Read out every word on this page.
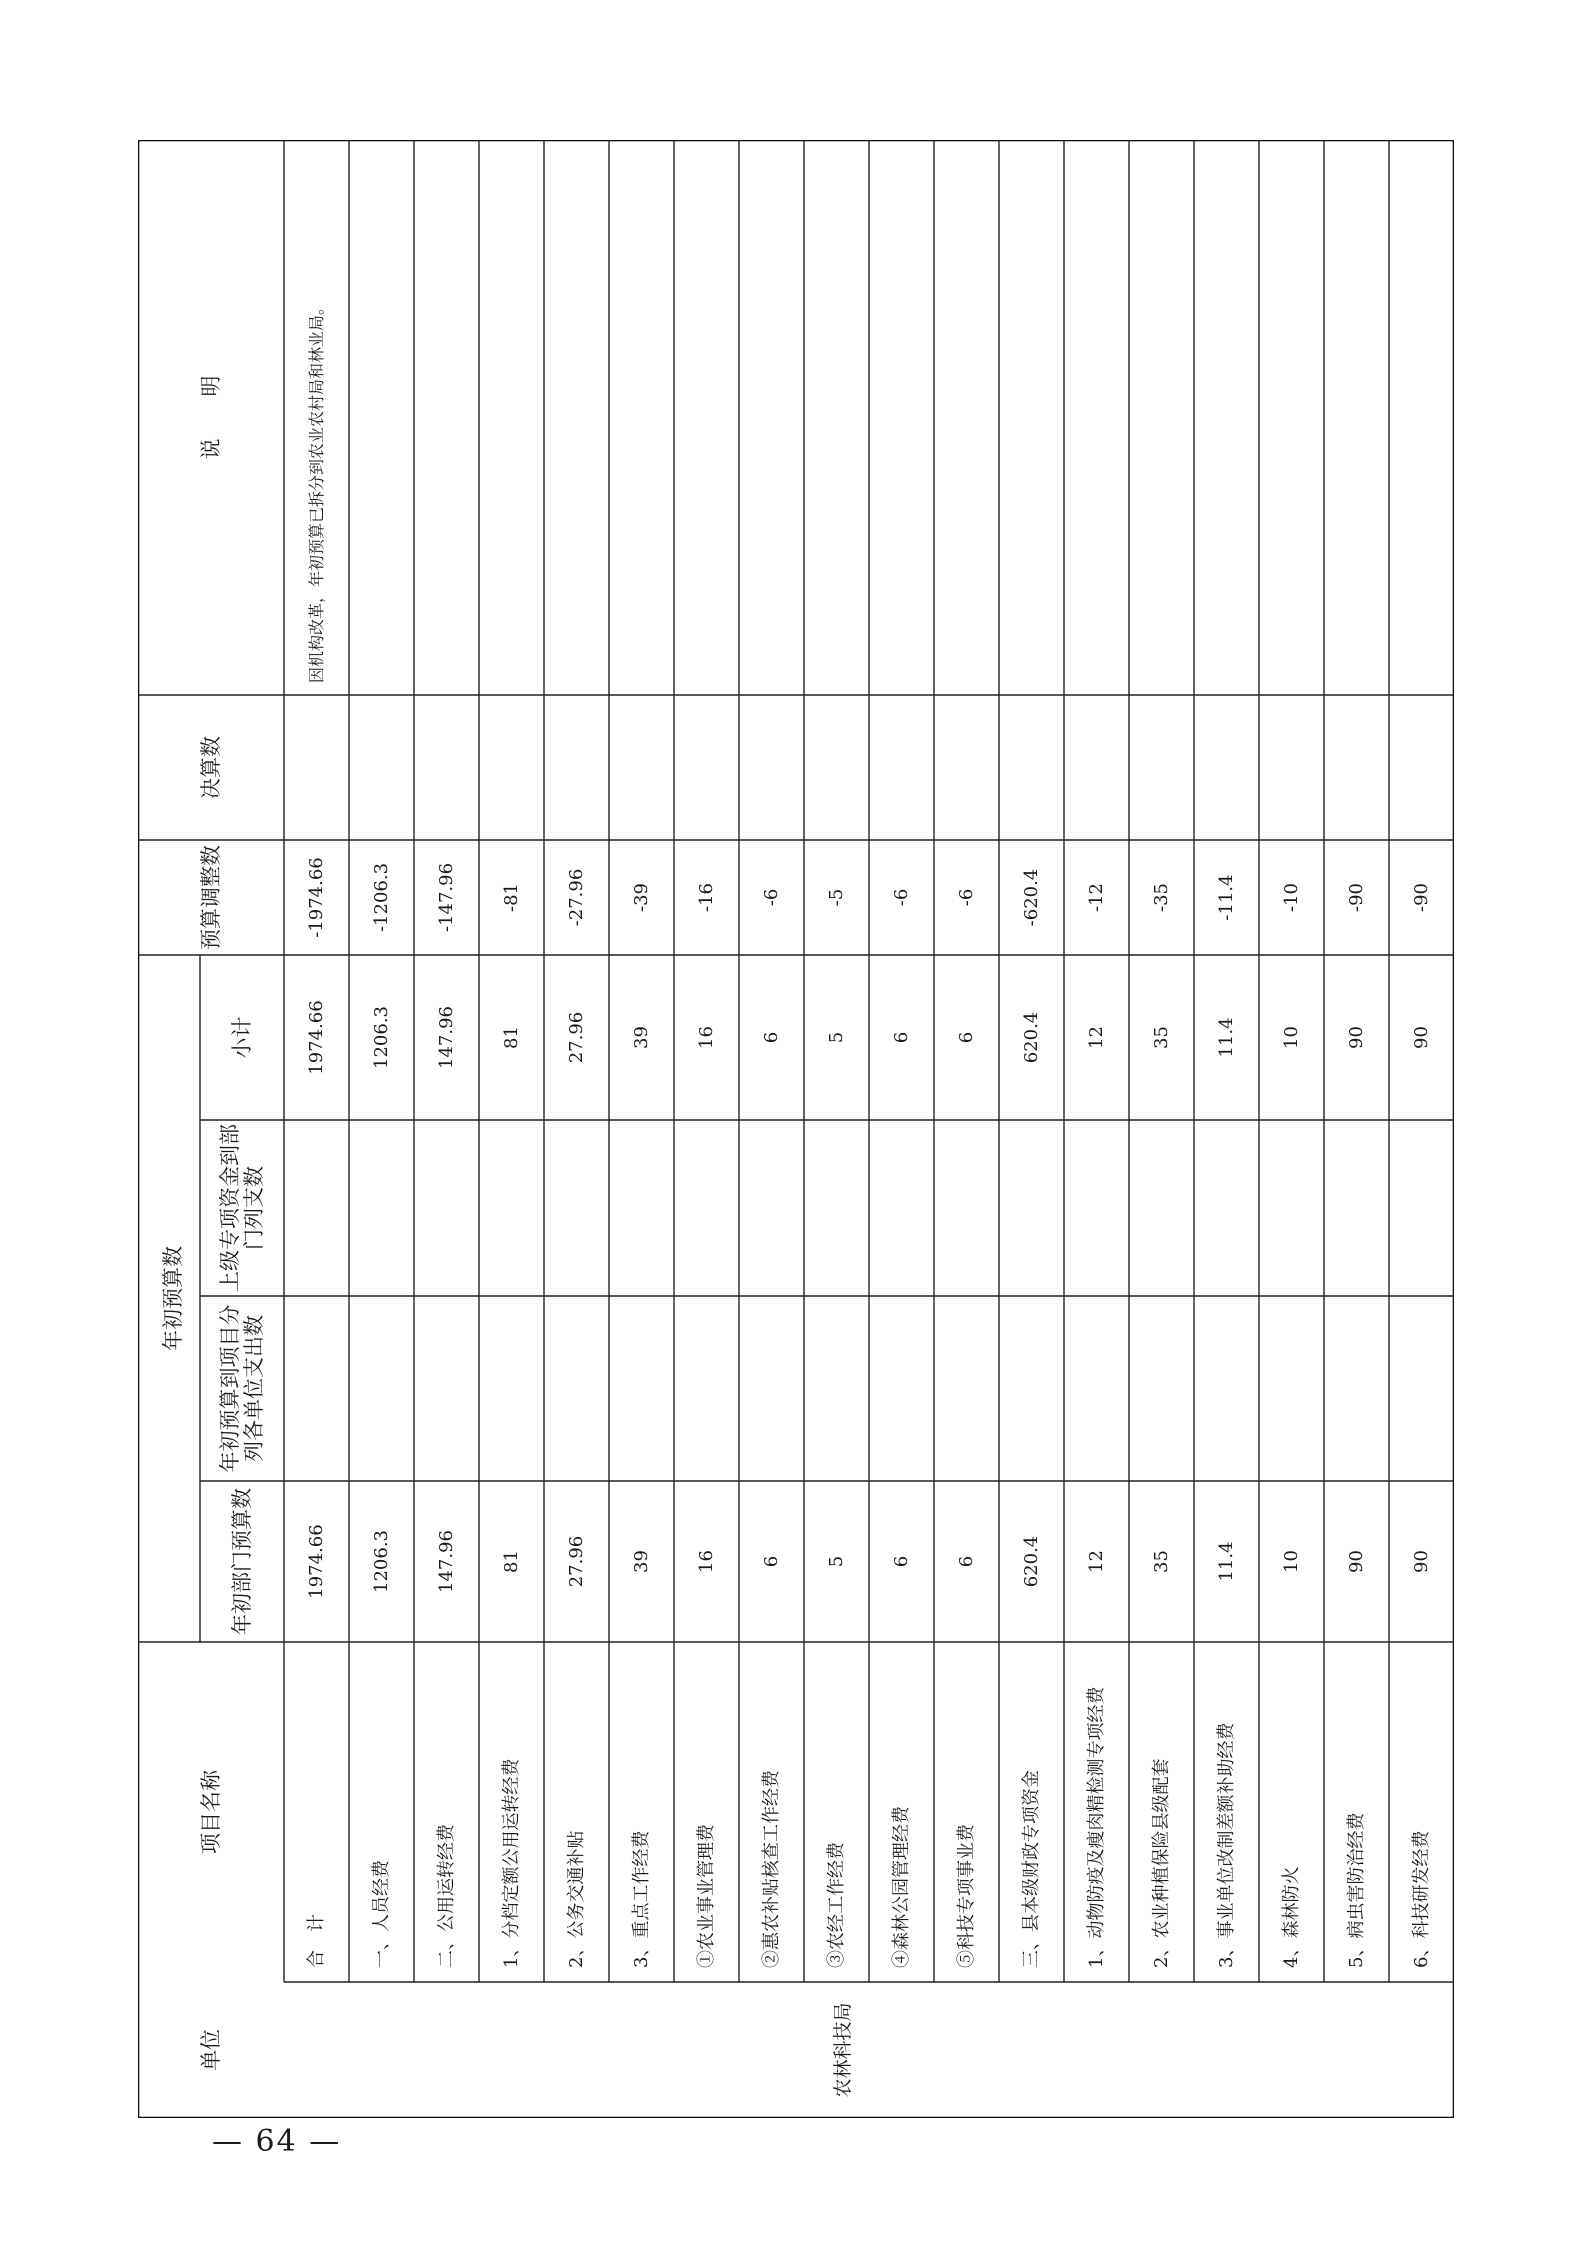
说　　明
决算数
预算调整数
年初预算数
小计
上级专项资金到部 门列支数
年初预算到项目分 列各单位支出数
年初部门预算数
项目名称
单位	农林科技局
因机构改革，年初预算已拆分到农业农村局和林业局。
合　计
1974.66
1974.66
-1974.66
一、人员经费
1206.3
1206.3
-1206.3
二、公用运转经费
147.96
147.96
-147.96
1、分档定额公用运转经费
81
81
-81
2、公务交通补贴
27.96
27.96
-27.96
3、重点工作经费
39
39
-39
①农业事业管理费
16
16
-16
②惠农补贴核查工作经费
6
6
-6
③农经工作经费
5
5
-5
④森林公园管理经费
6
6
-6
⑤科技专项事业费
6
6
-6
三、县本级财政专项资金
620.4
620.4
-620.4
1、动物防疫及瘦肉精检测专项经费
12
12
-12
2、农业种植保险县级配套
35
35
-35
3、事业单位改制差额补助经费
11.4
11.4
-11.4
4、森林防火
10
10
-10
5、病虫害防治经费
90
90
-90
6、科技研发经费
90
90
-90
— 64 —
